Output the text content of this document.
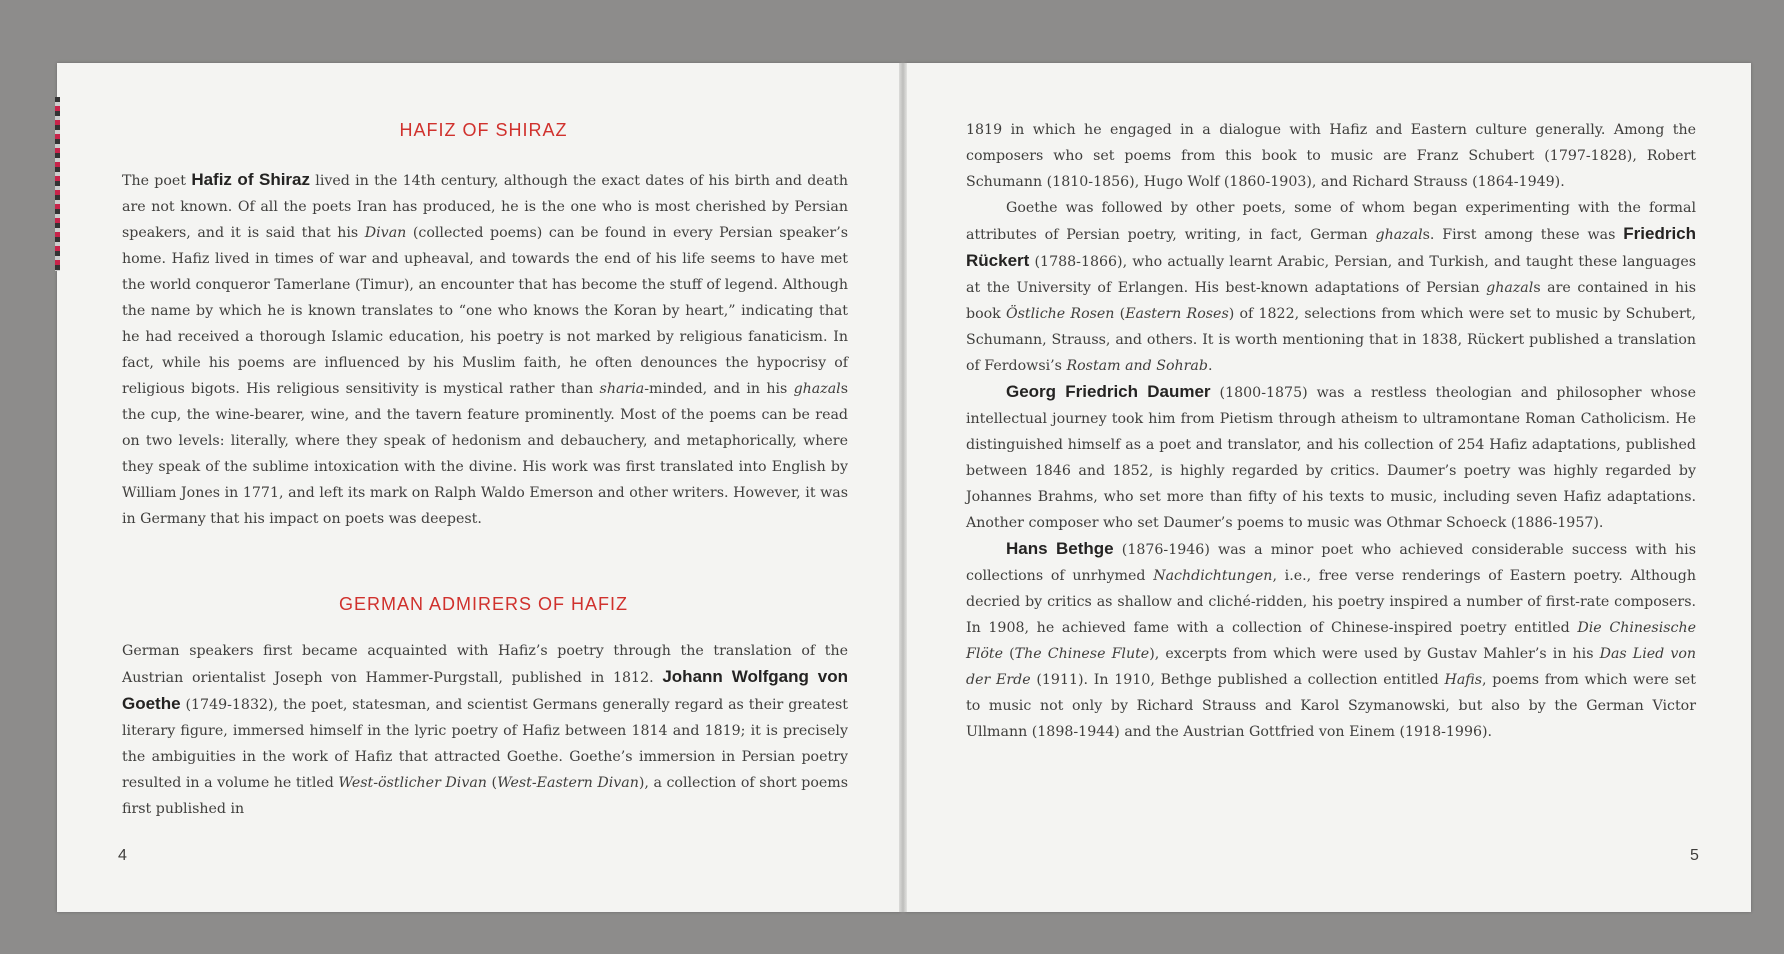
HAFIZ OF SHIRAZ

The poet Hafiz of Shiraz lived in the 14th century, although the exact dates of his birth and death are not known. Of all the poets Iran has produced, he is the one who is most cherished by Persian speakers, and it is said that his Divan (collected poems) can be found in every Persian speaker’s home. Hafiz lived in times of war and upheaval, and towards the end of his life seems to have met the world conqueror Tamerlane (Timur), an encounter that has become the stuff of legend. Although the name by which he is known translates to “one who knows the Koran by heart,” indicating that he had received a thorough Islamic education, his poetry is not marked by religious fanaticism. In fact, while his poems are influenced by his Muslim faith, he often denounces the hypocrisy of religious bigots. His religious sensitivity is mystical rather than sharia-minded, and in his ghazals the cup, the wine-bearer, wine, and the tavern feature prominently. Most of the poems can be read on two levels: literally, where they speak of hedonism and debauchery, and metaphorically, where they speak of the sublime intoxication with the divine. His work was first translated into English by William Jones in 1771, and left its mark on Ralph Waldo Emerson and other writers. However, it was in Germany that his impact on poets was deepest.

GERMAN ADMIRERS OF HAFIZ

German speakers first became acquainted with Hafiz’s poetry through the translation of the Austrian orientalist Joseph von Hammer-Purgstall, published in 1812. Johann Wolfgang von Goethe (1749-1832), the poet, statesman, and scientist Germans generally regard as their greatest literary figure, immersed himself in the lyric poetry of Hafiz between 1814 and 1819; it is precisely the ambiguities in the work of Hafiz that attracted Goethe. Goethe’s immersion in Persian poetry resulted in a volume he titled West-östlicher Divan (West-Eastern Divan), a collection of short poems first published in

4

1819 in which he engaged in a dialogue with Hafiz and Eastern culture generally. Among the composers who set poems from this book to music are Franz Schubert (1797-1828), Robert Schumann (1810-1856), Hugo Wolf (1860-1903), and Richard Strauss (1864-1949).

Goethe was followed by other poets, some of whom began experimenting with the formal attributes of Persian poetry, writing, in fact, German ghazals. First among these was Friedrich Rückert (1788-1866), who actually learnt Arabic, Persian, and Turkish, and taught these languages at the University of Erlangen. His best-known adaptations of Persian ghazals are contained in his book Östliche Rosen (Eastern Roses) of 1822, selections from which were set to music by Schubert, Schumann, Strauss, and others. It is worth mentioning that in 1838, Rückert published a translation of Ferdowsi’s Rostam and Sohrab.

Georg Friedrich Daumer (1800-1875) was a restless theologian and philosopher whose intellectual journey took him from Pietism through atheism to ultramontane Roman Catholicism. He distinguished himself as a poet and translator, and his collection of 254 Hafiz adaptations, published between 1846 and 1852, is highly regarded by critics. Daumer’s poetry was highly regarded by Johannes Brahms, who set more than fifty of his texts to music, including seven Hafiz adaptations. Another composer who set Daumer’s poems to music was Othmar Schoeck (1886-1957).

Hans Bethge (1876-1946) was a minor poet who achieved considerable success with his collections of unrhymed Nachdichtungen, i.e., free verse renderings of Eastern poetry. Although decried by critics as shallow and cliché-ridden, his poetry inspired a number of first-rate composers. In 1908, he achieved fame with a collection of Chinese-inspired poetry entitled Die Chinesische Flöte (The Chinese Flute), excerpts from which were used by Gustav Mahler’s in his Das Lied von der Erde (1911). In 1910, Bethge published a collection entitled Hafis, poems from which were set to music not only by Richard Strauss and Karol Szymanowski, but also by the German Victor Ullmann (1898-1944) and the Austrian Gottfried von Einem (1918-1996).

5
